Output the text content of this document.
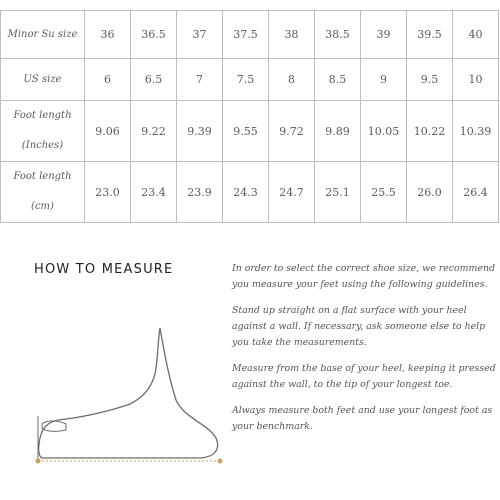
Minor Su size	36	36.5	37	37.5	38	38.5	39	39.5	40

US size	6	6.5	7	7.5	8	8.5	9	9.5	10

Foot length
(Inches)	9.06	9.22	9.39	9.55	9.72	9.89	10.05	10.22	10.39

Foot length
(cm)	23.0	23.4	23.9	24.3	24.7	25.1	25.5	26.0	26.4
HOW TO MEASURE	In order to select the correct shoe size, we recommend you measure your feet using the following guidelines.

Stand up straight on a flat surface with your heel against a wall. If necessary, ask someone else to help you take the measurements.

Measure from the base of your heel, keeping it pressed against the wall, to the tip of your longest toe.

Always measure both feet and use your longest foot as your benchmark.
